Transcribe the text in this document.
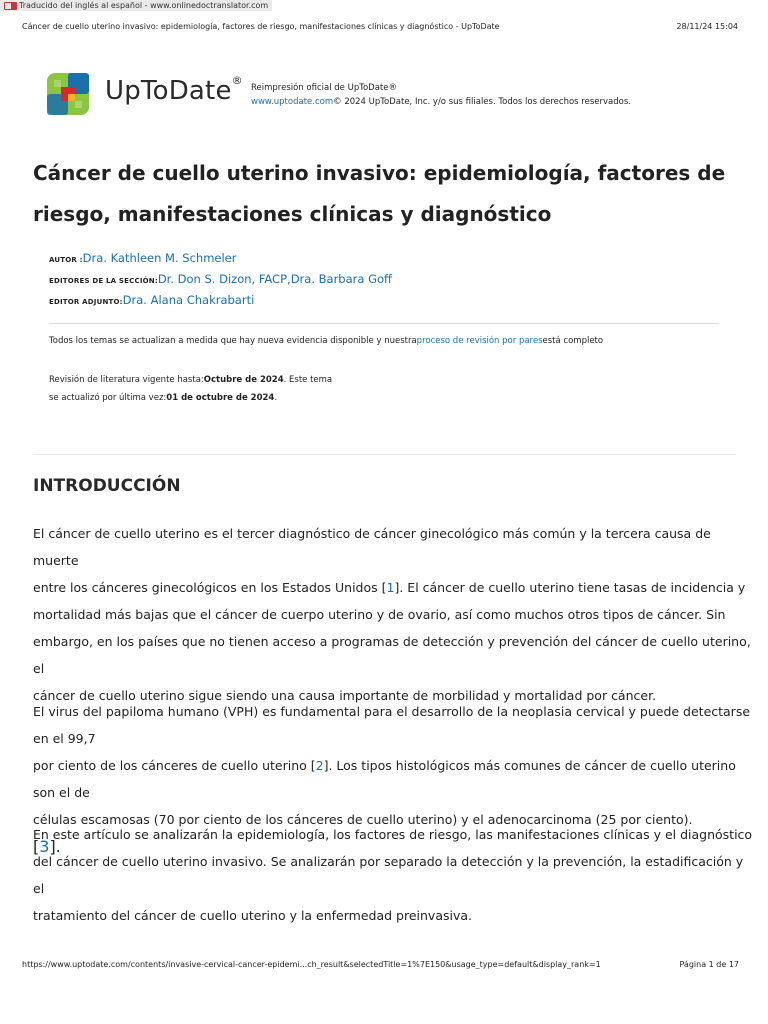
Traducido del inglés al español - www.onlinedoctranslator.com
Cáncer de cuello uterino invasivo: epidemiología, factores de riesgo, manifestaciones clínicas y diagnóstico - UpToDate	28/11/24 15:04
UpToDate®
Reimpresión oficial de UpToDate®
www.uptodate.com© 2024 UpToDate, Inc. y/o sus filiales. Todos los derechos reservados.
Cáncer de cuello uterino invasivo: epidemiología, factores de
riesgo, manifestaciones clínicas y diagnóstico
AUTOR :Dra. Kathleen M. Schmeler
EDITORES DE LA SECCIÓN:Dr. Don S. Dizon, FACP,Dra. Barbara Goff
EDITOR ADJUNTO:Dra. Alana Chakrabarti
Todos los temas se actualizan a medida que hay nueva evidencia disponible y nuestraproceso de revisión por paresestá completo
Revisión de literatura vigente hasta:Octubre de 2024. Este tema
se actualizó por última vez:01 de octubre de 2024.
INTRODUCCIÓN

El cáncer de cuello uterino es el tercer diagnóstico de cáncer ginecológico más común y la tercera causa de muerte
entre los cánceres ginecológicos en los Estados Unidos [1]. El cáncer de cuello uterino tiene tasas de incidencia y
mortalidad más bajas que el cáncer de cuerpo uterino y de ovario, así como muchos otros tipos de cáncer. Sin
embargo, en los países que no tienen acceso a programas de detección y prevención del cáncer de cuello uterino, el
cáncer de cuello uterino sigue siendo una causa importante de morbilidad y mortalidad por cáncer.

El virus del papiloma humano (VPH) es fundamental para el desarrollo de la neoplasia cervical y puede detectarse en el 99,7
por ciento de los cánceres de cuello uterino [2]. Los tipos histológicos más comunes de cáncer de cuello uterino son el de
células escamosas (70 por ciento de los cánceres de cuello uterino) y el adenocarcinoma (25 por ciento).
[3].

En este artículo se analizarán la epidemiología, los factores de riesgo, las manifestaciones clínicas y el diagnóstico
del cáncer de cuello uterino invasivo. Se analizarán por separado la detección y la prevención, la estadificación y el
tratamiento del cáncer de cuello uterino y la enfermedad preinvasiva.

https://www.uptodate.com/contents/invasive-cervical-cancer-epidemi...ch_result&selectedTitle=1%7E150&usage_type=default&display_rank=1	Página 1 de 17
